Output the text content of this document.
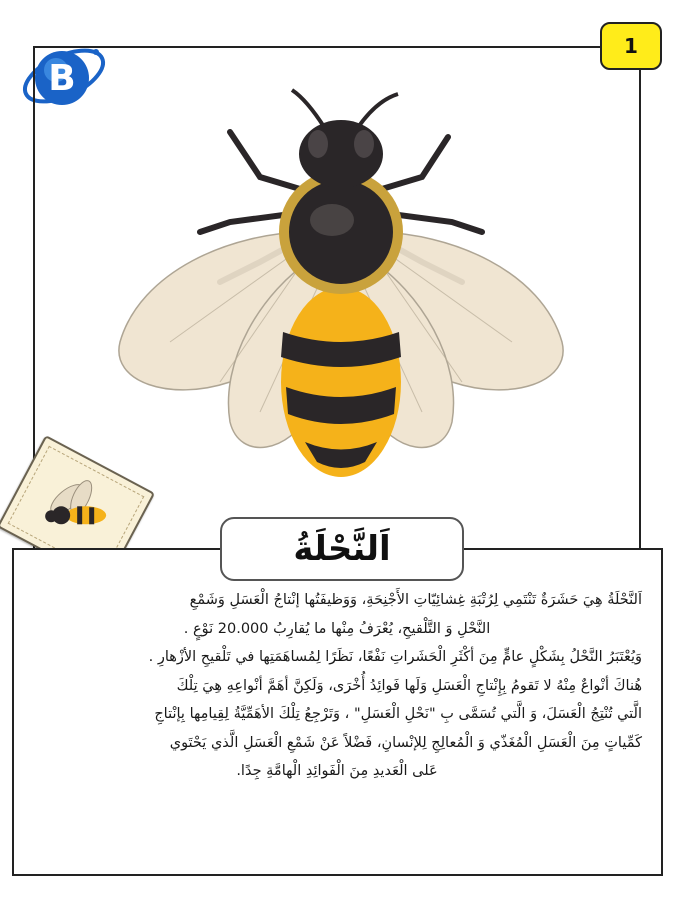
B
1
اَلنَّحْلَةُ
اَلنَّحْلَةُ هِيَ حَشَرَةٌ تَنْتَمِي لِرُتْبَةِ غِشائِيّاتِ الأَجْنِحَةِ، وَوَظيفَتُها إنْتاجُ الْعَسَلِ وَشَمْعِ
النَّحْلِ وَ التَّلْقيحِ، يُعْرَفُ مِنْها ما يُقارِبُ 20.000 نَوْعٍ .
وَيُعْتَبَرُ النَّحْلُ بِشَكْلٍ عامٍّ مِنَ أكْثَرِ الْحَشَراتِ نَفْعًا، نَظَرًا لِمُساهَمَتِها في تَلْقيحِ الأزْهارِ .
هُناكَ أنْواعٌ مِنْهُ لا تَقومُ بِإِنْتاجِ الْعَسَلِ وَلَها فَوائِدُ أُخْرَى، وَلَكِنَّ أهَمَّ أنْواعِهِ هِيَ تِلْكَ
الَّتي تُنْتِجُ الْعَسَلَ، وَ الَّتي تُسَمَّى بِ "نَحْلِ الْعَسَلِ" ، وَتَرْجِعُ تِلْكَ الأهَمِّيَّةُ لِقِيامِها بِإنْتاجِ
كَمِّياتٍ مِنَ الْعَسَلِ الْمُغَذّي وَ الْمُعالِجِ لِلإنْسانِ، فَضْلاً عَنْ شَمْعِ الْعَسَلِ الَّذي يَحْتَوي
عَلى الْعَديدِ مِنَ الْفَوائِدِ الْهامَّةِ جِدًا.
